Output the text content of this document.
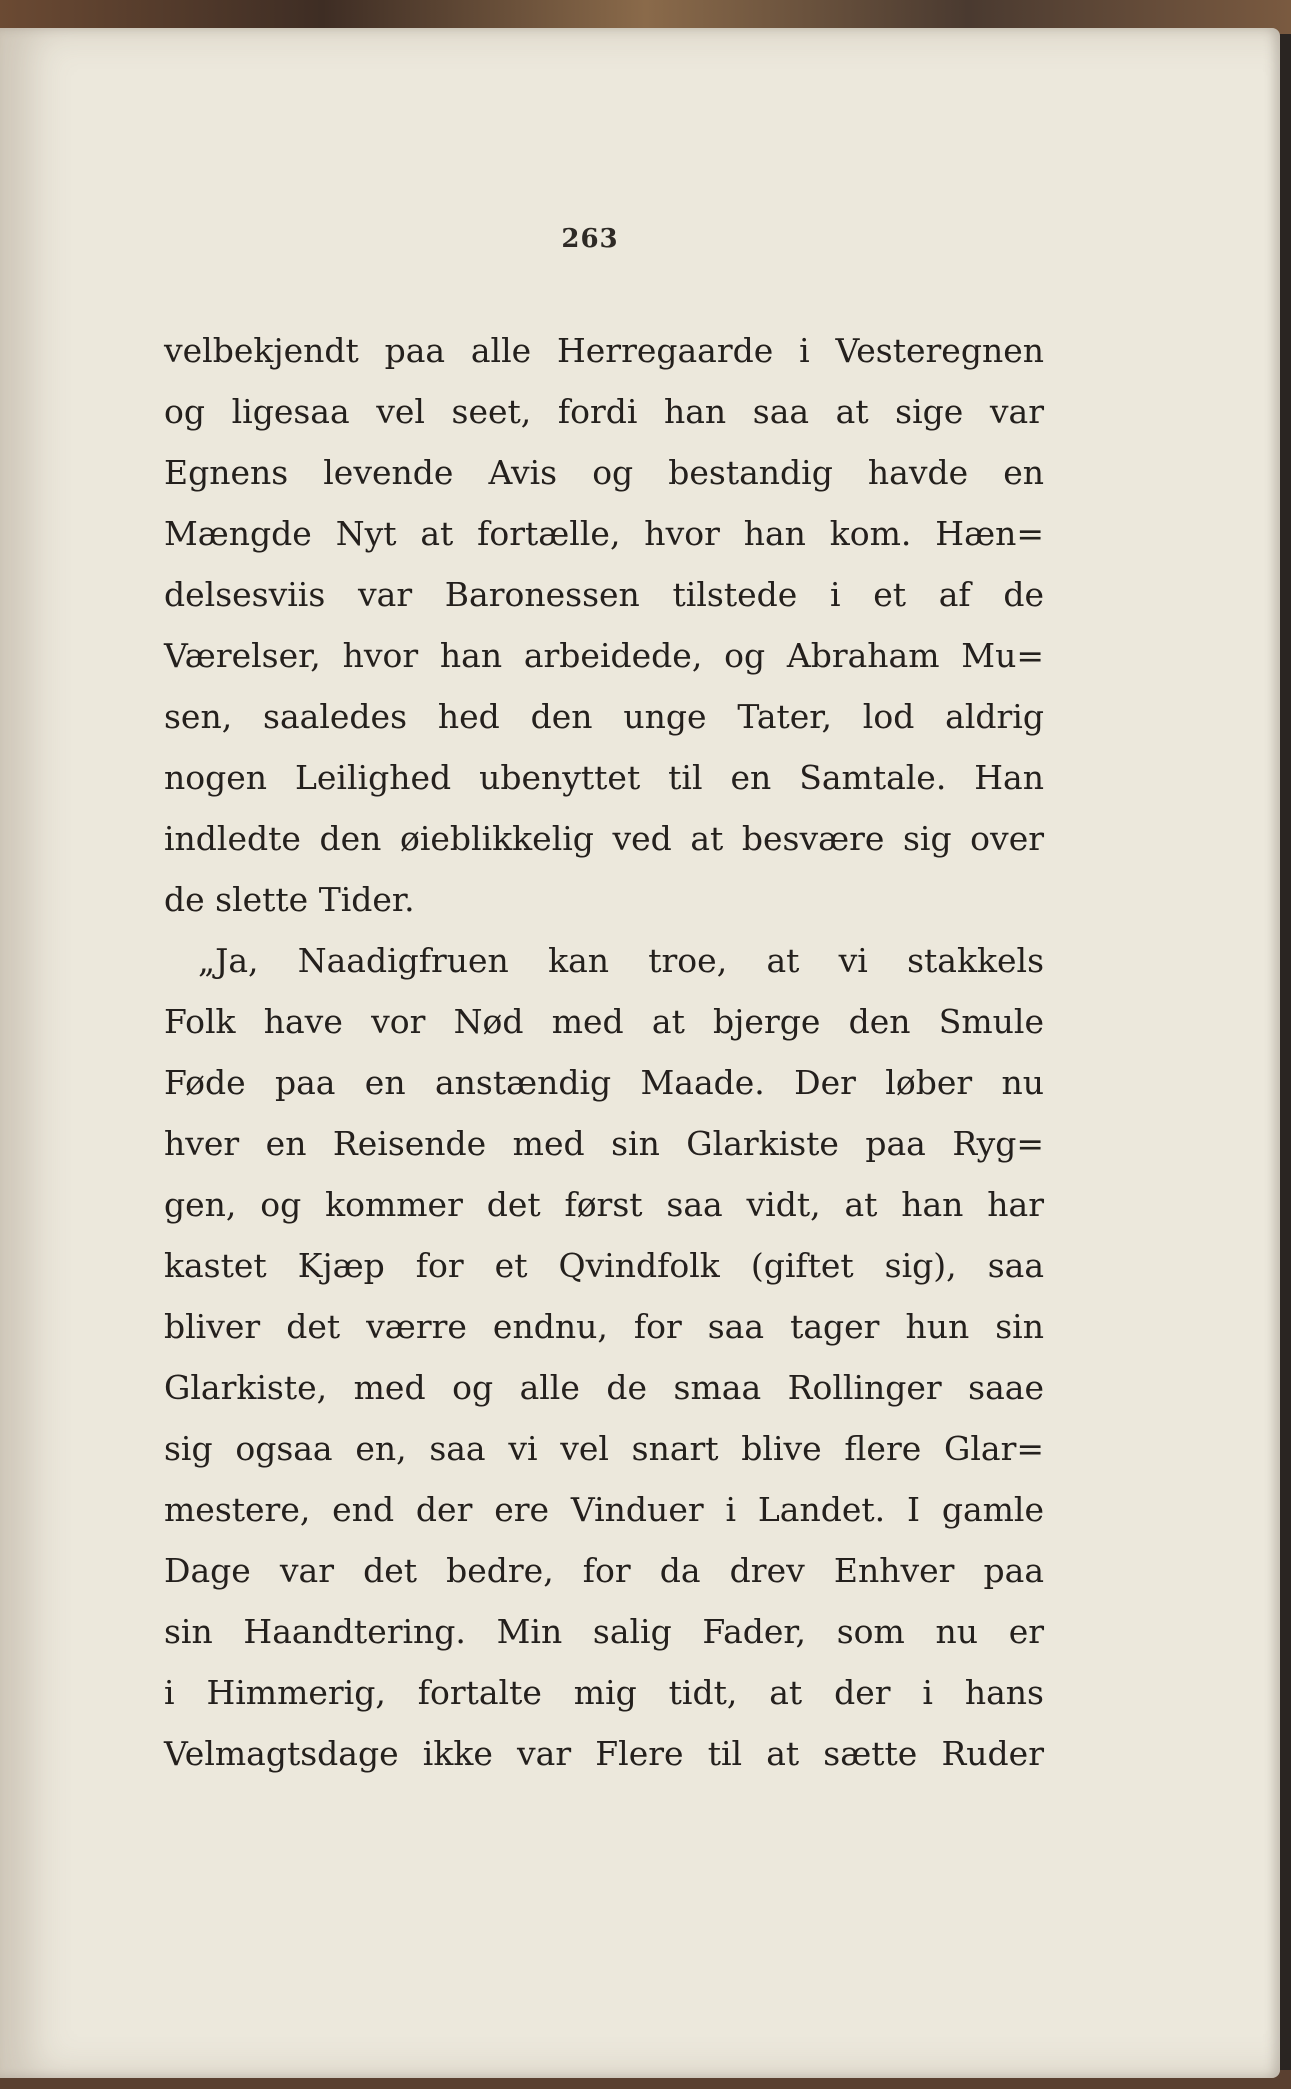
263
velbekjendt paa alle Herregaarde i Vesteregnen
og ligesaa vel seet, fordi han saa at sige var
Egnens levende Avis og bestandig havde en
Mængde Nyt at fortælle, hvor han kom. Hæn=
delsesviis var Baronessen tilstede i et af de
Værelser, hvor han arbeidede, og Abraham Mu=
sen, saaledes hed den unge Tater, lod aldrig
nogen Leilighed ubenyttet til en Samtale. Han
indledte den øieblikkelig ved at besvære sig over
de slette Tider.
„Ja, Naadigfruen kan troe, at vi stakkels
Folk have vor Nød med at bjerge den Smule
Føde paa en anstændig Maade. Der løber nu
hver en Reisende med sin Glarkiste paa Ryg=
gen, og kommer det først saa vidt, at han har
kastet Kjæp for et Qvindfolk (giftet sig), saa
bliver det værre endnu, for saa tager hun sin
Glarkiste, med og alle de smaa Rollinger saae
sig ogsaa en, saa vi vel snart blive flere Glar=
mestere, end der ere Vinduer i Landet. I gamle
Dage var det bedre, for da drev Enhver paa
sin Haandtering. Min salig Fader, som nu er
i Himmerig, fortalte mig tidt, at der i hans
Velmagtsdage ikke var Flere til at sætte Ruder
